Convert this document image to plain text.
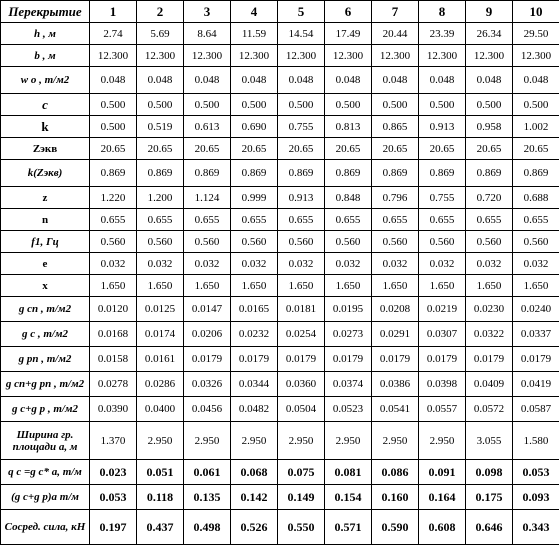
Перекрытие	1	2	3	4	5	6	7	8	9	10
h , м	2.74	5.69	8.64	11.59	14.54	17.49	20.44	23.39	26.34	29.50
b , м	12.300	12.300	12.300	12.300	12.300	12.300	12.300	12.300	12.300	12.300
w o , т/м2	0.048	0.048	0.048	0.048	0.048	0.048	0.048	0.048	0.048	0.048
c	0.500	0.500	0.500	0.500	0.500	0.500	0.500	0.500	0.500	0.500
k	0.500	0.519	0.613	0.690	0.755	0.813	0.865	0.913	0.958	1.002
Zэкв	20.65	20.65	20.65	20.65	20.65	20.65	20.65	20.65	20.65	20.65
k(Zэкв)	0.869	0.869	0.869	0.869	0.869	0.869	0.869	0.869	0.869	0.869
z	1.220	1.200	1.124	0.999	0.913	0.848	0.796	0.755	0.720	0.688
n	0.655	0.655	0.655	0.655	0.655	0.655	0.655	0.655	0.655	0.655
f1, Гц	0.560	0.560	0.560	0.560	0.560	0.560	0.560	0.560	0.560	0.560
e	0.032	0.032	0.032	0.032	0.032	0.032	0.032	0.032	0.032	0.032
x	1.650	1.650	1.650	1.650	1.650	1.650	1.650	1.650	1.650	1.650
g cn , т/м2	0.0120	0.0125	0.0147	0.0165	0.0181	0.0195	0.0208	0.0219	0.0230	0.0240
g c , т/м2	0.0168	0.0174	0.0206	0.0232	0.0254	0.0273	0.0291	0.0307	0.0322	0.0337
g pn , т/м2	0.0158	0.0161	0.0179	0.0179	0.0179	0.0179	0.0179	0.0179	0.0179	0.0179
g cn+g pn , т/м2	0.0278	0.0286	0.0326	0.0344	0.0360	0.0374	0.0386	0.0398	0.0409	0.0419
g c+g p , т/м2	0.0390	0.0400	0.0456	0.0482	0.0504	0.0523	0.0541	0.0557	0.0572	0.0587
Ширина гр. площади a, м	1.370	2.950	2.950	2.950	2.950	2.950	2.950	2.950	3.055	1.580
q c =g c* a, т/м	0.023	0.051	0.061	0.068	0.075	0.081	0.086	0.091	0.098	0.053
(g c+g p)a т/м	0.053	0.118	0.135	0.142	0.149	0.154	0.160	0.164	0.175	0.093
Сосред. сила, кН	0.197	0.437	0.498	0.526	0.550	0.571	0.590	0.608	0.646	0.343
